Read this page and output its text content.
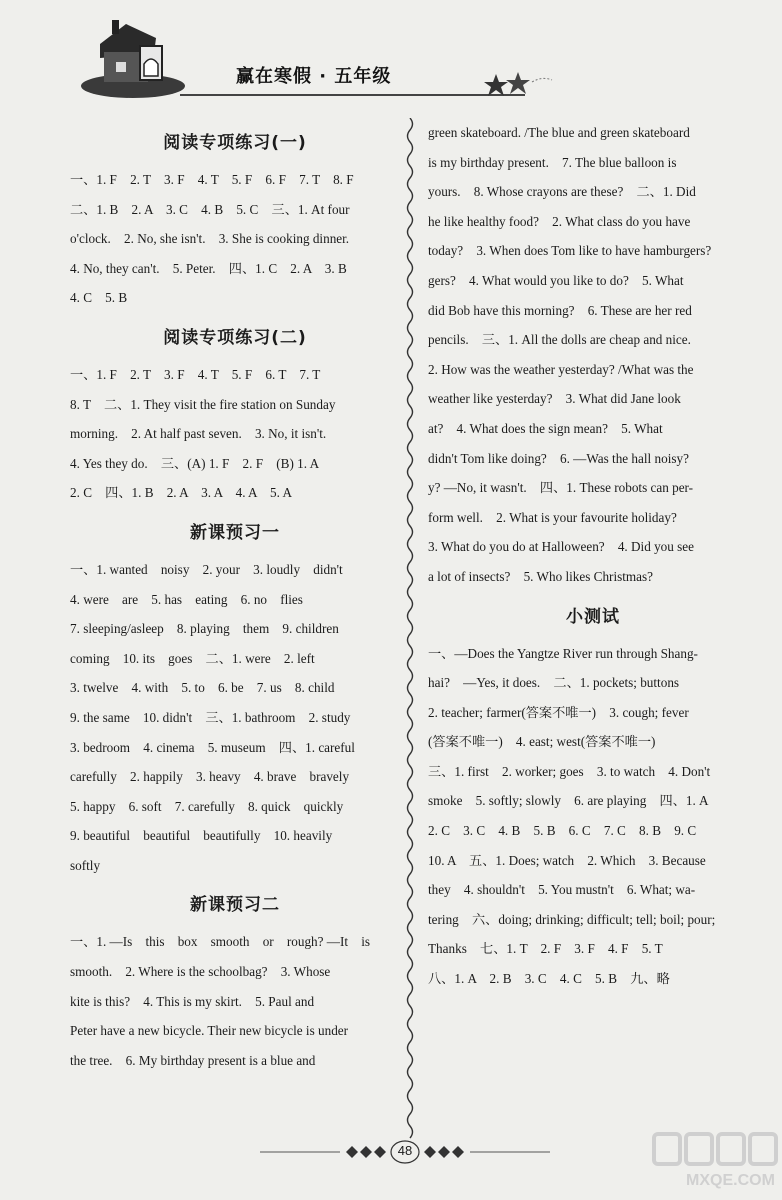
赢在寒假 · 五年级
阅读专项练习(一)
一、1. F　2. T　3. F　4. T　5. F　6. F　7. T　8. F
二、1. B　2. A　3. C　4. B　5. C　三、1. At four
o'clock.　2. No, she isn't.　3. She is cooking dinner.
4. No, they can't.　5. Peter.　四、1. C　2. A　3. B
4. C　5. B
阅读专项练习(二)
一、1. F　2. T　3. F　4. T　5. F　6. T　7. T
8. T　二、1. They visit the fire station on Sunday
morning.　2. At half past seven.　3. No, it isn't.
4. Yes they do.　三、(A) 1. F　2. F　(B) 1. A
2. C　四、1. B　2. A　3. A　4. A　5. A
新课预习一
一、1. wanted　noisy　2. your　3. loudly　didn't
4. were　are　5. has　eating　6. no　flies
7. sleeping/asleep　8. playing　them　9. children
coming　10. its　goes　二、1. were　2. left
3. twelve　4. with　5. to　6. be　7. us　8. child
9. the same　10. didn't　三、1. bathroom　2. study
3. bedroom　4. cinema　5. museum　四、1. careful
carefully　2. happily　3. heavy　4. brave　bravely
5. happy　6. soft　7. carefully　8. quick　quickly
9. beautiful　beautiful　beautifully　10. heavily
softly
新课预习二
一、1. —Is　this　box　smooth　or　rough? —It　is
smooth.　2. Where is the schoolbag?　3. Whose
kite is this?　4. This is my skirt.　5. Paul and
Peter have a new bicycle. Their new bicycle is under
the tree.　6. My birthday present is a blue and
green skateboard. /The blue and green skateboard
is my birthday present.　7. The blue balloon is
yours.　8. Whose crayons are these?　二、1. Did
he like healthy food?　2. What class do you have
today?　3. When does Tom like to have hamburgers?
gers?　4. What would you like to do?　5. What
did Bob have this morning?　6. These are her red
pencils.　三、1. All the dolls are cheap and nice.
2. How was the weather yesterday? /What was the
weather like yesterday?　3. What did Jane look
at?　4. What does the sign mean?　5. What
didn't Tom like doing?　6. —Was the hall noisy?
y? —No, it wasn't.　四、1. These robots can per-
form well.　2. What is your favourite holiday?
3. What do you do at Halloween?　4. Did you see
a lot of insects?　5. Who likes Christmas?
小测试
一、—Does the Yangtze River run through Shang-
hai?　—Yes, it does.　二、1. pockets; buttons
2. teacher; farmer(答案不唯一)　3. cough; fever
(答案不唯一)　4. east; west(答案不唯一)
三、1. first　2. worker; goes　3. to watch　4. Don't
smoke　5. softly; slowly　6. are playing　四、1. A
2. C　3. C　4. B　5. B　6. C　7. C　8. B　9. C
10. A　五、1. Does; watch　2. Which　3. Because
they　4. shouldn't　5. You mustn't　6. What; wa-
tering　六、doing; drinking; difficult; tell; boil; pour;
Thanks　七、1. T　2. F　3. F　4. F　5. T
八、1. A　2. B　3. C　4. C　5. B　九、略
48
MXQE.COM
